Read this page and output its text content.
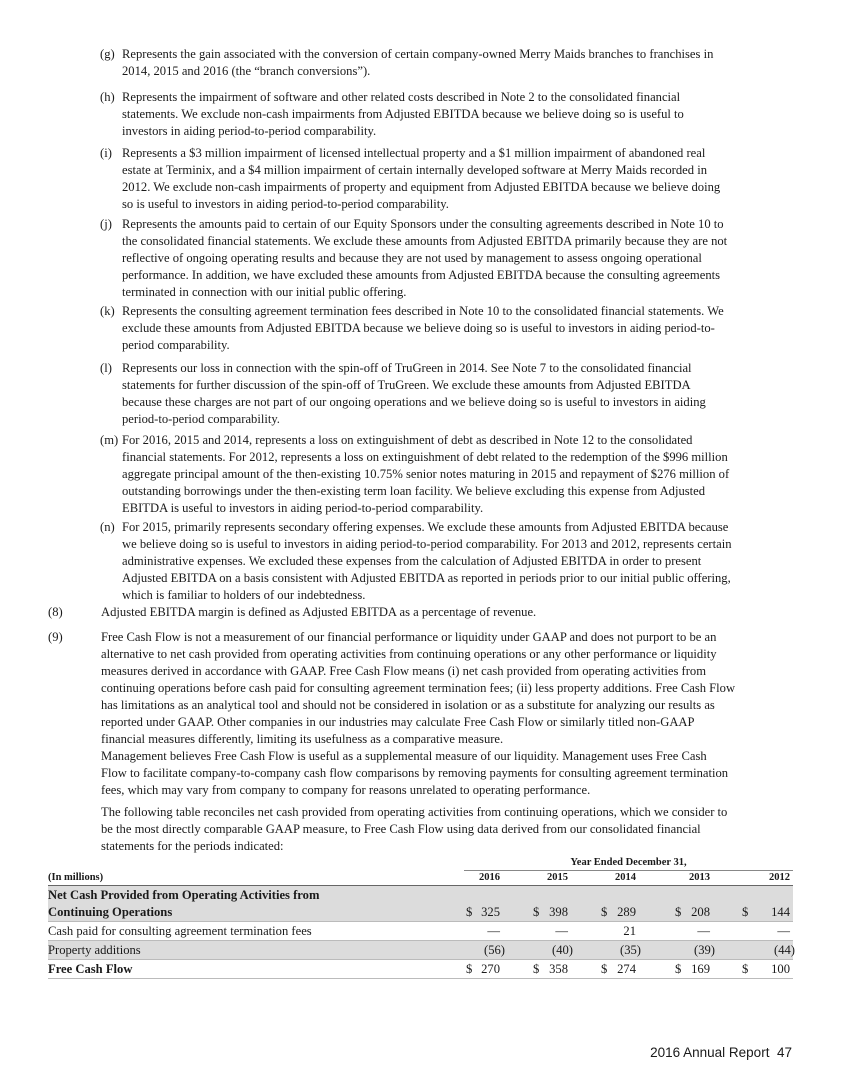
(g) Represents the gain associated with the conversion of certain company-owned Merry Maids branches to franchises in
2014, 2015 and 2016 (the “branch conversions”).
(h) Represents the impairment of software and other related costs described in Note 2 to the consolidated financial
statements. We exclude non-cash impairments from Adjusted EBITDA because we believe doing so is useful to
investors in aiding period-to-period comparability.
(i) Represents a $3 million impairment of licensed intellectual property and a $1 million impairment of abandoned real
estate at Terminix, and a $4 million impairment of certain internally developed software at Merry Maids recorded in
2012. We exclude non-cash impairments of property and equipment from Adjusted EBITDA because we believe doing
so is useful to investors in aiding period-to-period comparability.
(j) Represents the amounts paid to certain of our Equity Sponsors under the consulting agreements described in Note 10 to
the consolidated financial statements. We exclude these amounts from Adjusted EBITDA primarily because they are not
reflective of ongoing operating results and because they are not used by management to assess ongoing operational
performance. In addition, we have excluded these amounts from Adjusted EBITDA because the consulting agreements
terminated in connection with our initial public offering.
(k) Represents the consulting agreement termination fees described in Note 10 to the consolidated financial statements. We
exclude these amounts from Adjusted EBITDA because we believe doing so is useful to investors in aiding period-to-
period comparability.
(l) Represents our loss in connection with the spin-off of TruGreen in 2014. See Note 7 to the consolidated financial
statements for further discussion of the spin-off of TruGreen. We exclude these amounts from Adjusted EBITDA
because these charges are not part of our ongoing operations and we believe doing so is useful to investors in aiding
period-to-period comparability.
(m) For 2016, 2015 and 2014, represents a loss on extinguishment of debt as described in Note 12 to the consolidated
financial statements. For 2012, represents a loss on extinguishment of debt related to the redemption of the $996 million
aggregate principal amount of the then-existing 10.75% senior notes maturing in 2015 and repayment of $276 million of
outstanding borrowings under the then-existing term loan facility. We believe excluding this expense from Adjusted
EBITDA is useful to investors in aiding period-to-period comparability.
(n) For 2015, primarily represents secondary offering expenses. We exclude these amounts from Adjusted EBITDA because
we believe doing so is useful to investors in aiding period-to-period comparability. For 2013 and 2012, represents certain
administrative expenses. We excluded these expenses from the calculation of Adjusted EBITDA in order to present
Adjusted EBITDA on a basis consistent with Adjusted EBITDA as reported in periods prior to our initial public offering,
which is familiar to holders of our indebtedness.
(8)	Adjusted EBITDA margin is defined as Adjusted EBITDA as a percentage of revenue.
(9)	Free Cash Flow is not a measurement of our financial performance or liquidity under GAAP and does not purport to be an
alternative to net cash provided from operating activities from continuing operations or any other performance or liquidity
measures derived in accordance with GAAP. Free Cash Flow means (i) net cash provided from operating activities from
continuing operations before cash paid for consulting agreement termination fees; (ii) less property additions. Free Cash Flow
has limitations as an analytical tool and should not be considered in isolation or as a substitute for analyzing our results as
reported under GAAP. Other companies in our industries may calculate Free Cash Flow or similarly titled non-GAAP
financial measures differently, limiting its usefulness as a comparative measure.
Management believes Free Cash Flow is useful as a supplemental measure of our liquidity. Management uses Free Cash
Flow to facilitate company-to-company cash flow comparisons by removing payments for consulting agreement termination
fees, which may vary from company to company for reasons unrelated to operating performance.
The following table reconciles net cash provided from operating activities from continuing operations, which we consider to
be the most directly comparable GAAP measure, to Free Cash Flow using data derived from our consolidated financial
statements for the periods indicated:
Year Ended December 31,
(In millions)	2016	2015	2014	2013	2012
Net Cash Provided from Operating Activities from
Continuing Operations	$ 325	$ 398	$ 289	$ 208	$ 144
Cash paid for consulting agreement termination fees	—	—	21	—	—
Property additions	(56)	(40)	(35)	(39)	(44)
Free Cash Flow	$ 270	$ 358	$ 274	$ 169	$ 100
2016 Annual Report 47
